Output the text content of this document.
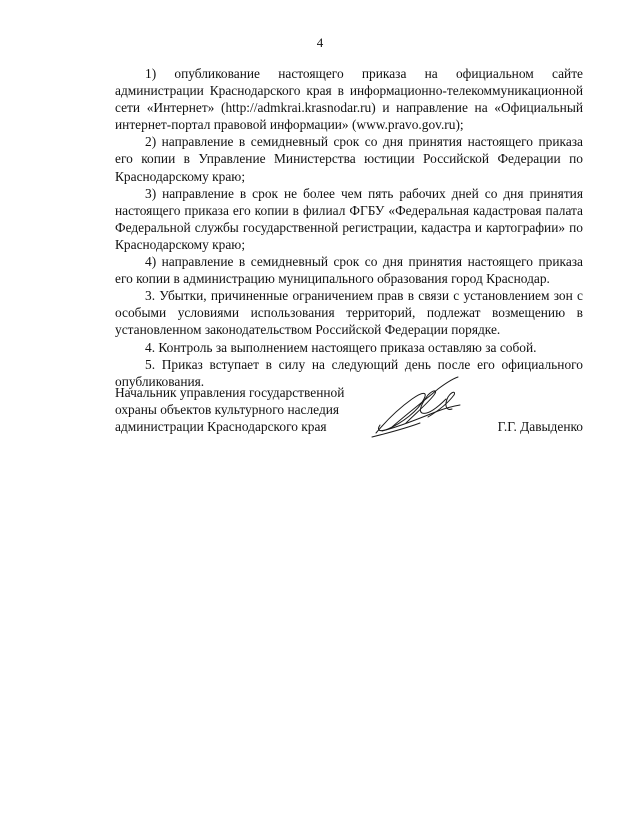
4

1) опубликование настоящего приказа на официальном сайте администрации Краснодарского края в информационно-телекоммуникационной сети «Интернет» (http://admkrai.krasnodar.ru) и направление на «Официальный интернет-портал правовой информации» (www.pravo.gov.ru);

2) направление в семидневный срок со дня принятия настоящего приказа его копии в Управление Министерства юстиции Российской Федерации по Краснодарскому краю;

3) направление в срок не более чем пять рабочих дней со дня принятия настоящего приказа его копии в филиал ФГБУ «Федеральная кадастровая палата Федеральной службы государственной регистрации, кадастра и картографии» по Краснодарскому краю;

4) направление в семидневный срок со дня принятия настоящего приказа его копии в администрацию муниципального образования город Краснодар.

3. Убытки, причиненные ограничением прав в связи с установлением зон с особыми условиями использования территорий, подлежат возмещению в установленном законодательством Российской Федерации порядке.

4. Контроль за выполнением настоящего приказа оставляю за собой.

5. Приказ вступает в силу на следующий день после его официального опубликования.

Начальник управления государственной
охраны объектов культурного наследия
администрации Краснодарского края	Г.Г. Давыденко
